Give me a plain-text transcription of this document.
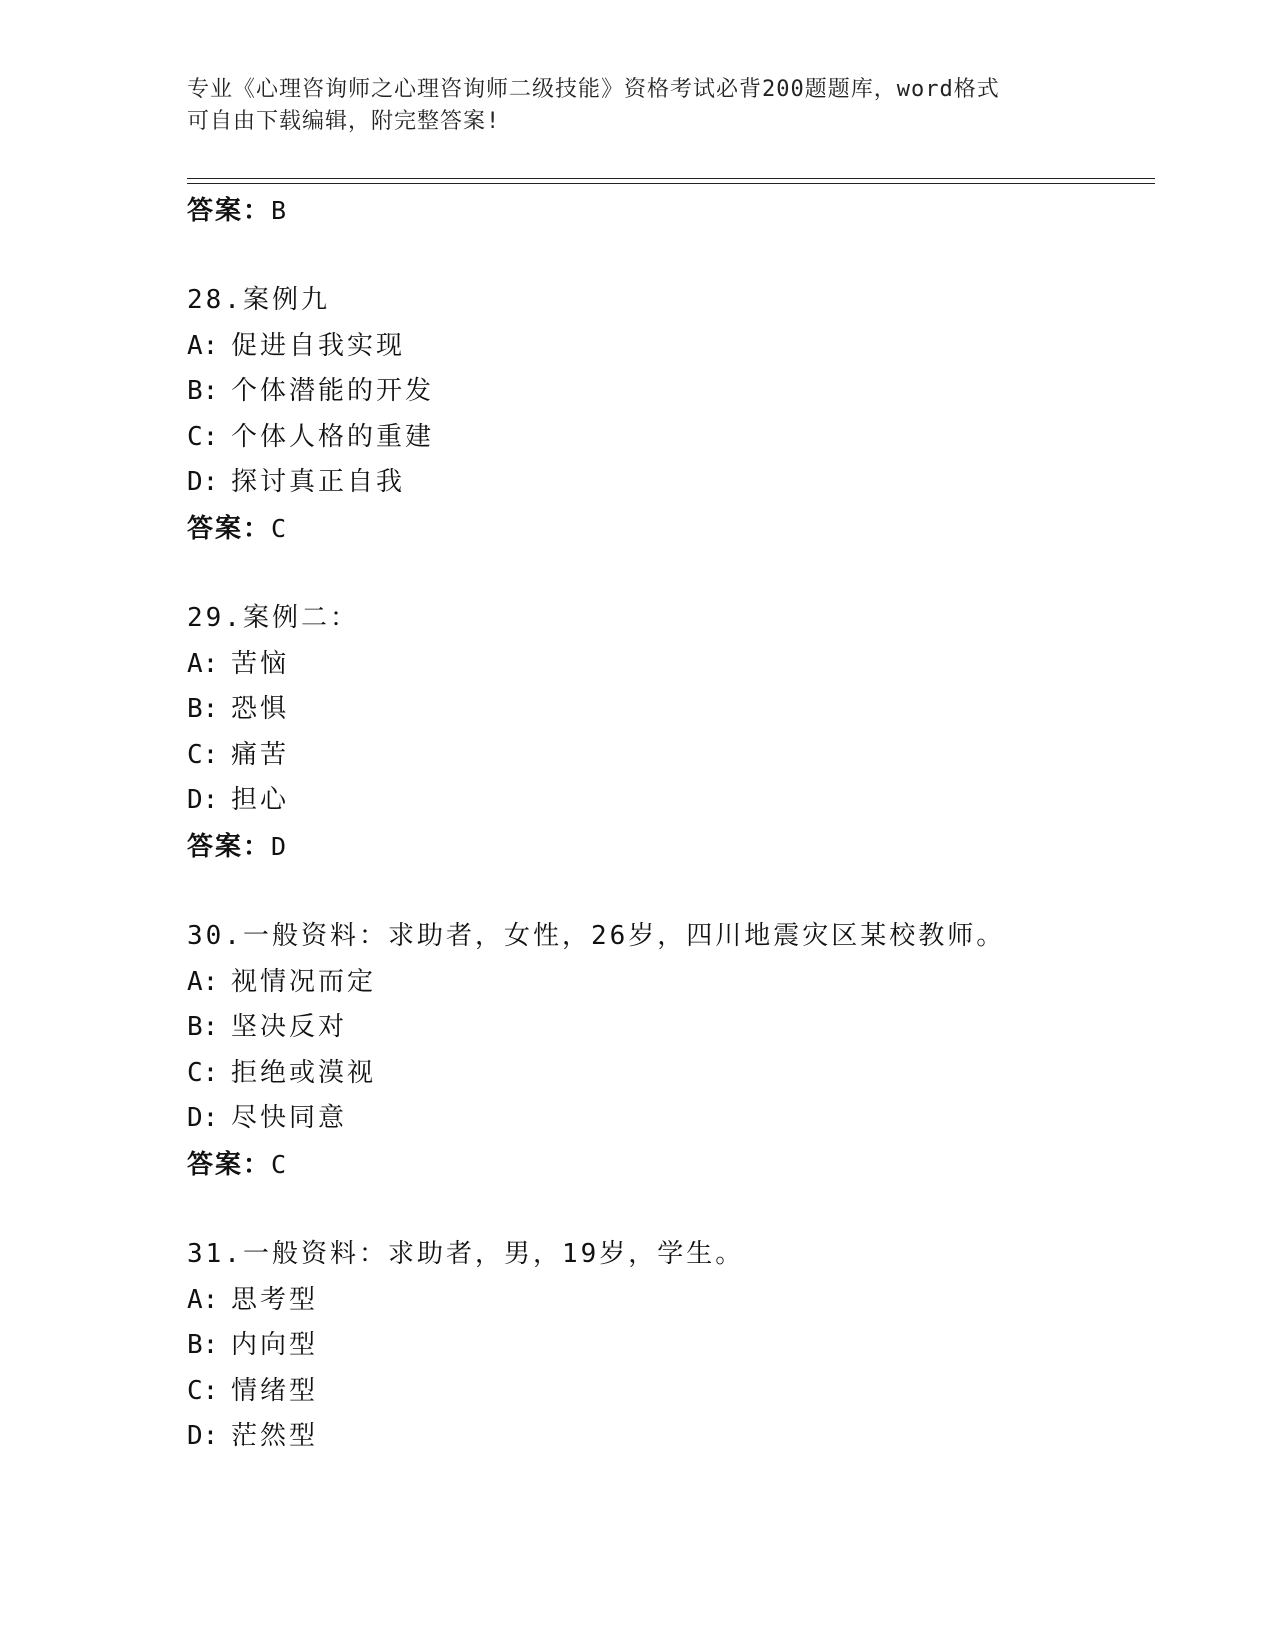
专业《心理咨询师之心理咨询师二级技能》资格考试必背200题题库，word格式
可自由下载编辑，附完整答案!
答案：B
28.案例九
A: 促进自我实现
B: 个体潜能的开发
C: 个体人格的重建
D: 探讨真正自我
答案：C
29.案例二：
A: 苦恼
B: 恐惧
C: 痛苦
D: 担心
答案：D
30.一般资料：求助者，女性，26岁，四川地震灾区某校教师。
A: 视情况而定
B: 坚决反对
C: 拒绝或漠视
D: 尽快同意
答案：C
31.一般资料：求助者，男，19岁，学生。
A: 思考型
B: 内向型
C: 情绪型
D: 茫然型
